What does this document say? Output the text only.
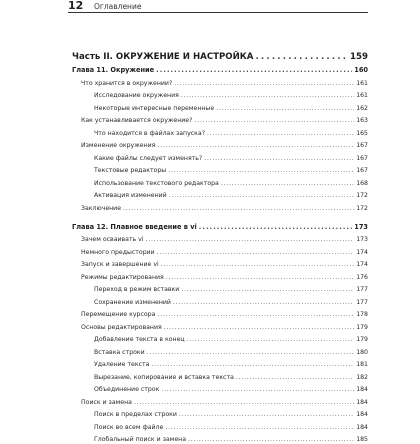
12	Оглавление
Часть II. ОКРУЖЕНИЕ И НАСТРОЙКА . . .	159
Глава 11. Окружение . . .	160
Что хранится в окружении? . . .	161
Исследование окружения . . .	161
Некоторые интересные переменные . . .	162
Как устанавливается окружение? . . .	163
Что находится в файлах запуска? . . .	165
Изменение окружения . . .	167
Какие файлы следует изменять? . . .	167
Текстовые редакторы . . .	167
Использование текстового редактора . . .	168
Активация изменений . . .	172
Заключение . . .	172
Глава 12. Плавное введение в vi . . .	173
Зачем осваивать vi . . .	173
Немного предыстории . . .	174
Запуск и завершение vi . . .	174
Режимы редактирования . . .	176
Переход в режим вставки . . .	177
Сохранение изменений . . .	177
Перемещение курсора . . .	178
Основы редактирования . . .	179
Добавление текста в конец . . .	179
Вставка строки . . .	180
Удаление текста . . .	181
Вырезание, копирование и вставка текста . . .	182
Объединение строк . . .	184
Поиск и замена . . .	184
Поиск в пределах строки . . .	184
Поиск во всем файле . . .	184
Глобальный поиск и замена . . .	185
